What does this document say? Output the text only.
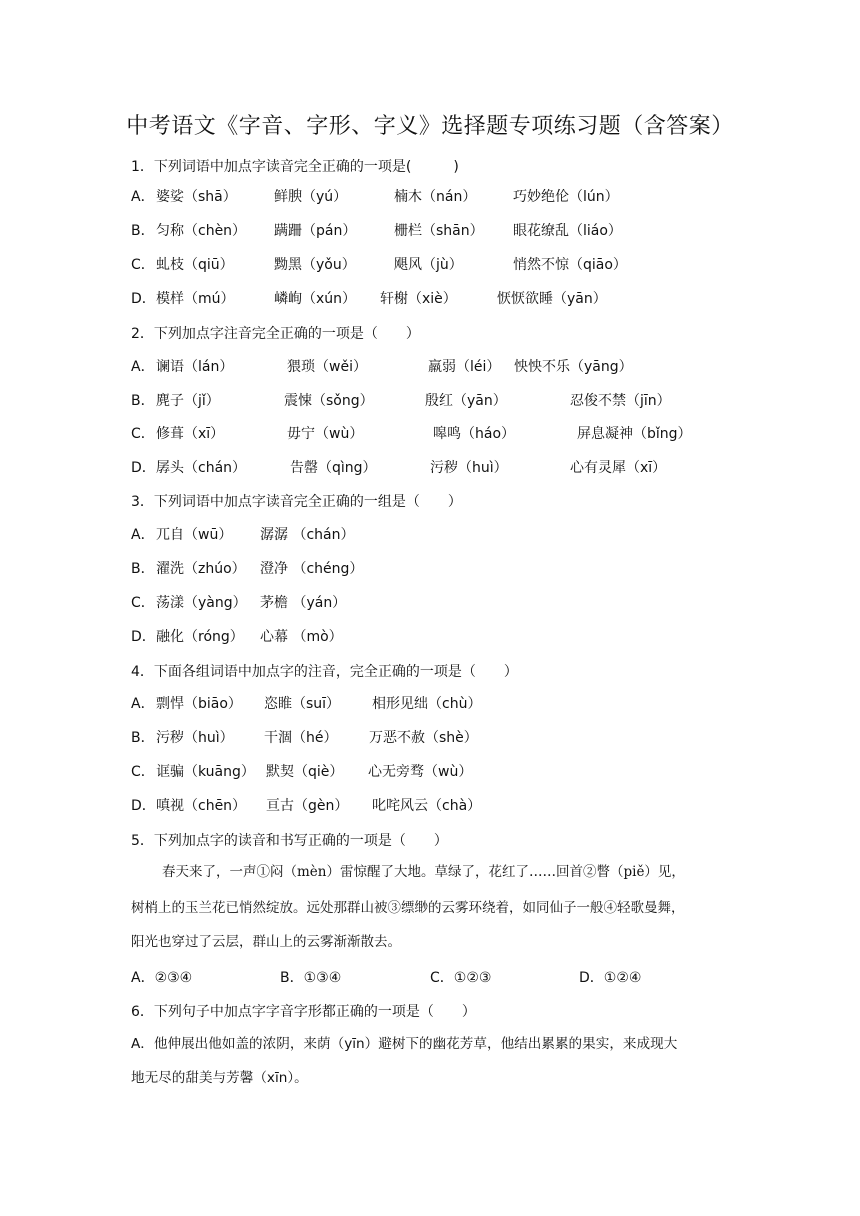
中考语文《字音、字形、字义》选择题专项练习题（含答案）
1．下列词语中加点字读音完全正确的一项是(　　　)
A． 婆娑（shā）	鲜腴（yú）	楠木（nán）	巧妙绝伦（lún）
B． 匀称（chèn） 蹒跚（pán）	栅栏（shān） 眼花缭乱（liáo）
C． 虬枝（qiū）	黝黑（yǒu）	飓风（jù）	悄然不惊（qiāo）
D． 模样（mú）	嶙峋（xún） 轩榭（xiè）	恹恹欲睡（yān）
2．下列加点字注音完全正确的一项是（　　）
A． 谰语（lán）	猥琐（wěi）	羸弱（léi） 怏怏不乐（yāng）
B． 麂子（jǐ）	震悚（sǒng）	殷红（yān）	忍俊不禁（jīn）
C． 修葺（xī）	毋宁（wù）	嗥鸣（háo）	屏息凝神（bǐng）
D． 孱头（chán）	告罄（qìng）	污秽（huì）	心有灵犀（xī）
3．下列词语中加点字读音完全正确的一组是（　　）
A． 兀自（wū） 潺潺 （chán）
B． 濯洗（zhúo） 澄净 （chéng）
C． 荡漾（yàng） 茅檐 （yán）
D． 融化（róng） 心幕 （mò）
4．下面各组词语中加点字的注音，完全正确的一项是（　　）
A． 剽悍（biāo） 恣睢（suī） 相形见绌（chù）
B． 污秽（huì） 干涸（hé） 万恶不赦（shè）
C． 诓骗（kuāng） 默契（qiè） 心无旁骛（wù）
D． 嗔视（chēn） 亘古（gèn） 叱咤风云（chà）
5．下列加点字的读音和书写正确的一项是（　　）
春天来了，一声①闷（mèn）雷惊醒了大地。草绿了，花红了……回首②瞥（piě）见，
树梢上的玉兰花已悄然绽放。远处那群山被③缥缈的云雾环绕着，如同仙子一般④轻歌曼舞，
阳光也穿过了云层，群山上的云雾渐渐散去。
A．②③④	B．①③④	C．①②③	D．①②④
6．下列句子中加点字字音字形都正确的一项是（　　）
A．他伸展出他如盖的浓阴，来荫（yīn）避树下的幽花芳草，他结出累累的果实，来成现大
地无尽的甜美与芳馨（xīn）。
